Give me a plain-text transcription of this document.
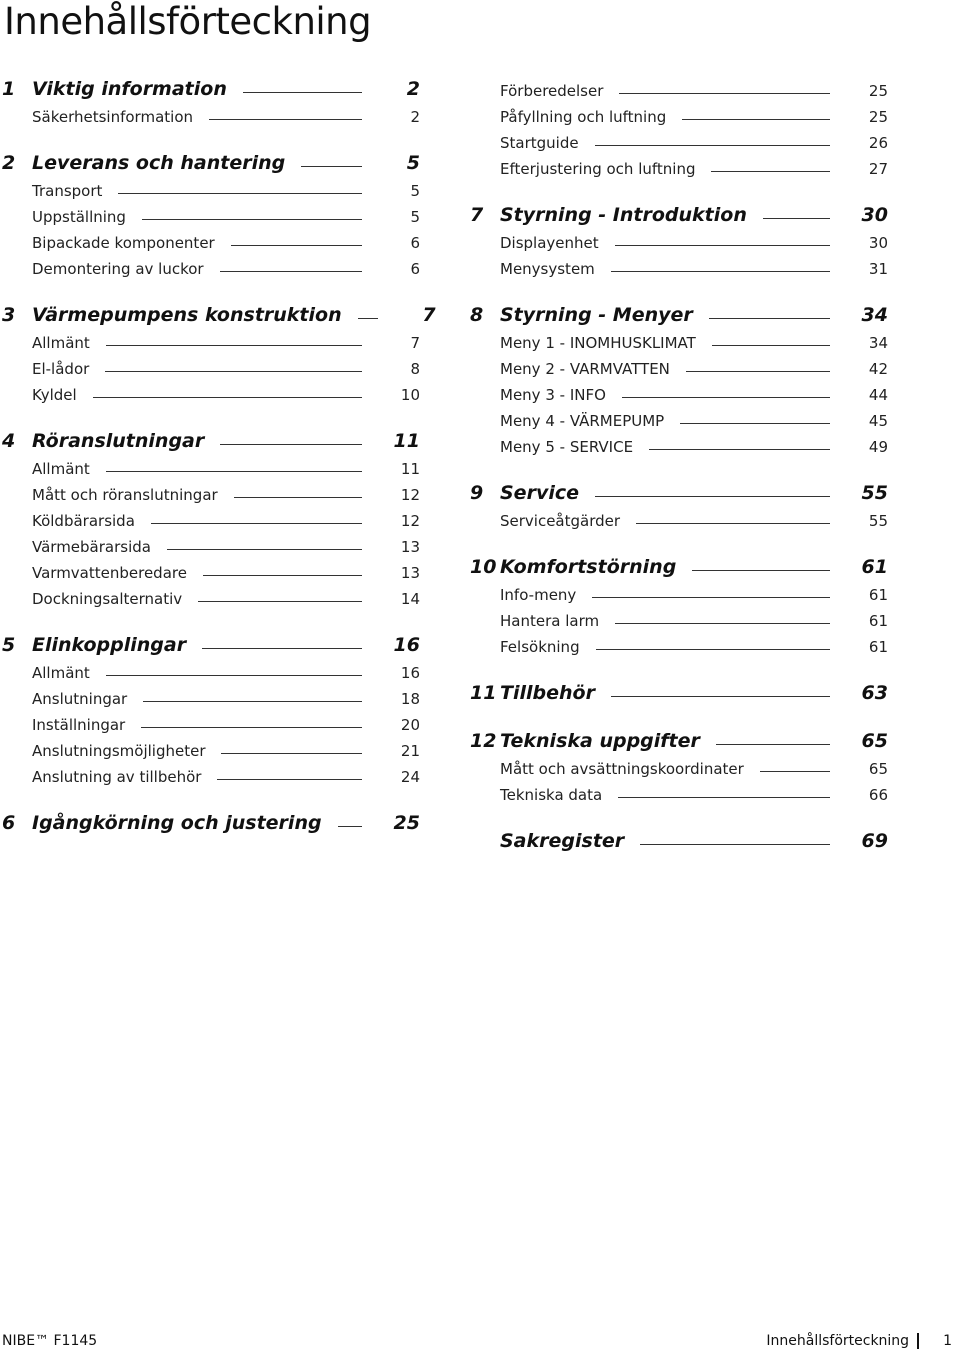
Innehållsförteckning
1 Viktig information	2
Säkerhetsinformation	2
2 Leverans och hantering	5
Transport	5
Uppställning	5
Bipackade komponenter	6
Demontering av luckor	6
3 Värmepumpens konstruktion	7
Allmänt	7
El-lådor	8
Kyldel	10
4 Röranslutningar	11
Allmänt	11
Mått och röranslutningar	12
Köldbärarsida	12
Värmebärarsida	13
Varmvattenberedare	13
Dockningsalternativ	14
5 Elinkopplingar	16
Allmänt	16
Anslutningar	18
Inställningar	20
Anslutningsmöjligheter	21
Anslutning av tillbehör	24
6 Igångkörning och justering	25
Förberedelser	25
Påfyllning och luftning	25
Startguide	26
Efterjustering och luftning	27
7 Styrning - Introduktion	30
Displayenhet	30
Menysystem	31
8 Styrning - Menyer	34
Meny 1 - INOMHUSKLIMAT	34
Meny 2 - VARMVATTEN	42
Meny 3 - INFO	44
Meny 4 - VÄRMEPUMP	45
Meny 5 - SERVICE	49
9 Service	55
Serviceåtgärder	55
10 Komfortstörning	61
Info-meny	61
Hantera larm	61
Felsökning	61
11 Tillbehör	63
12 Tekniska uppgifter	65
Mått och avsättningskoordinater	65
Tekniska data	66
Sakregister	69
NIBE™ F1145	Innehållsförteckning 1
